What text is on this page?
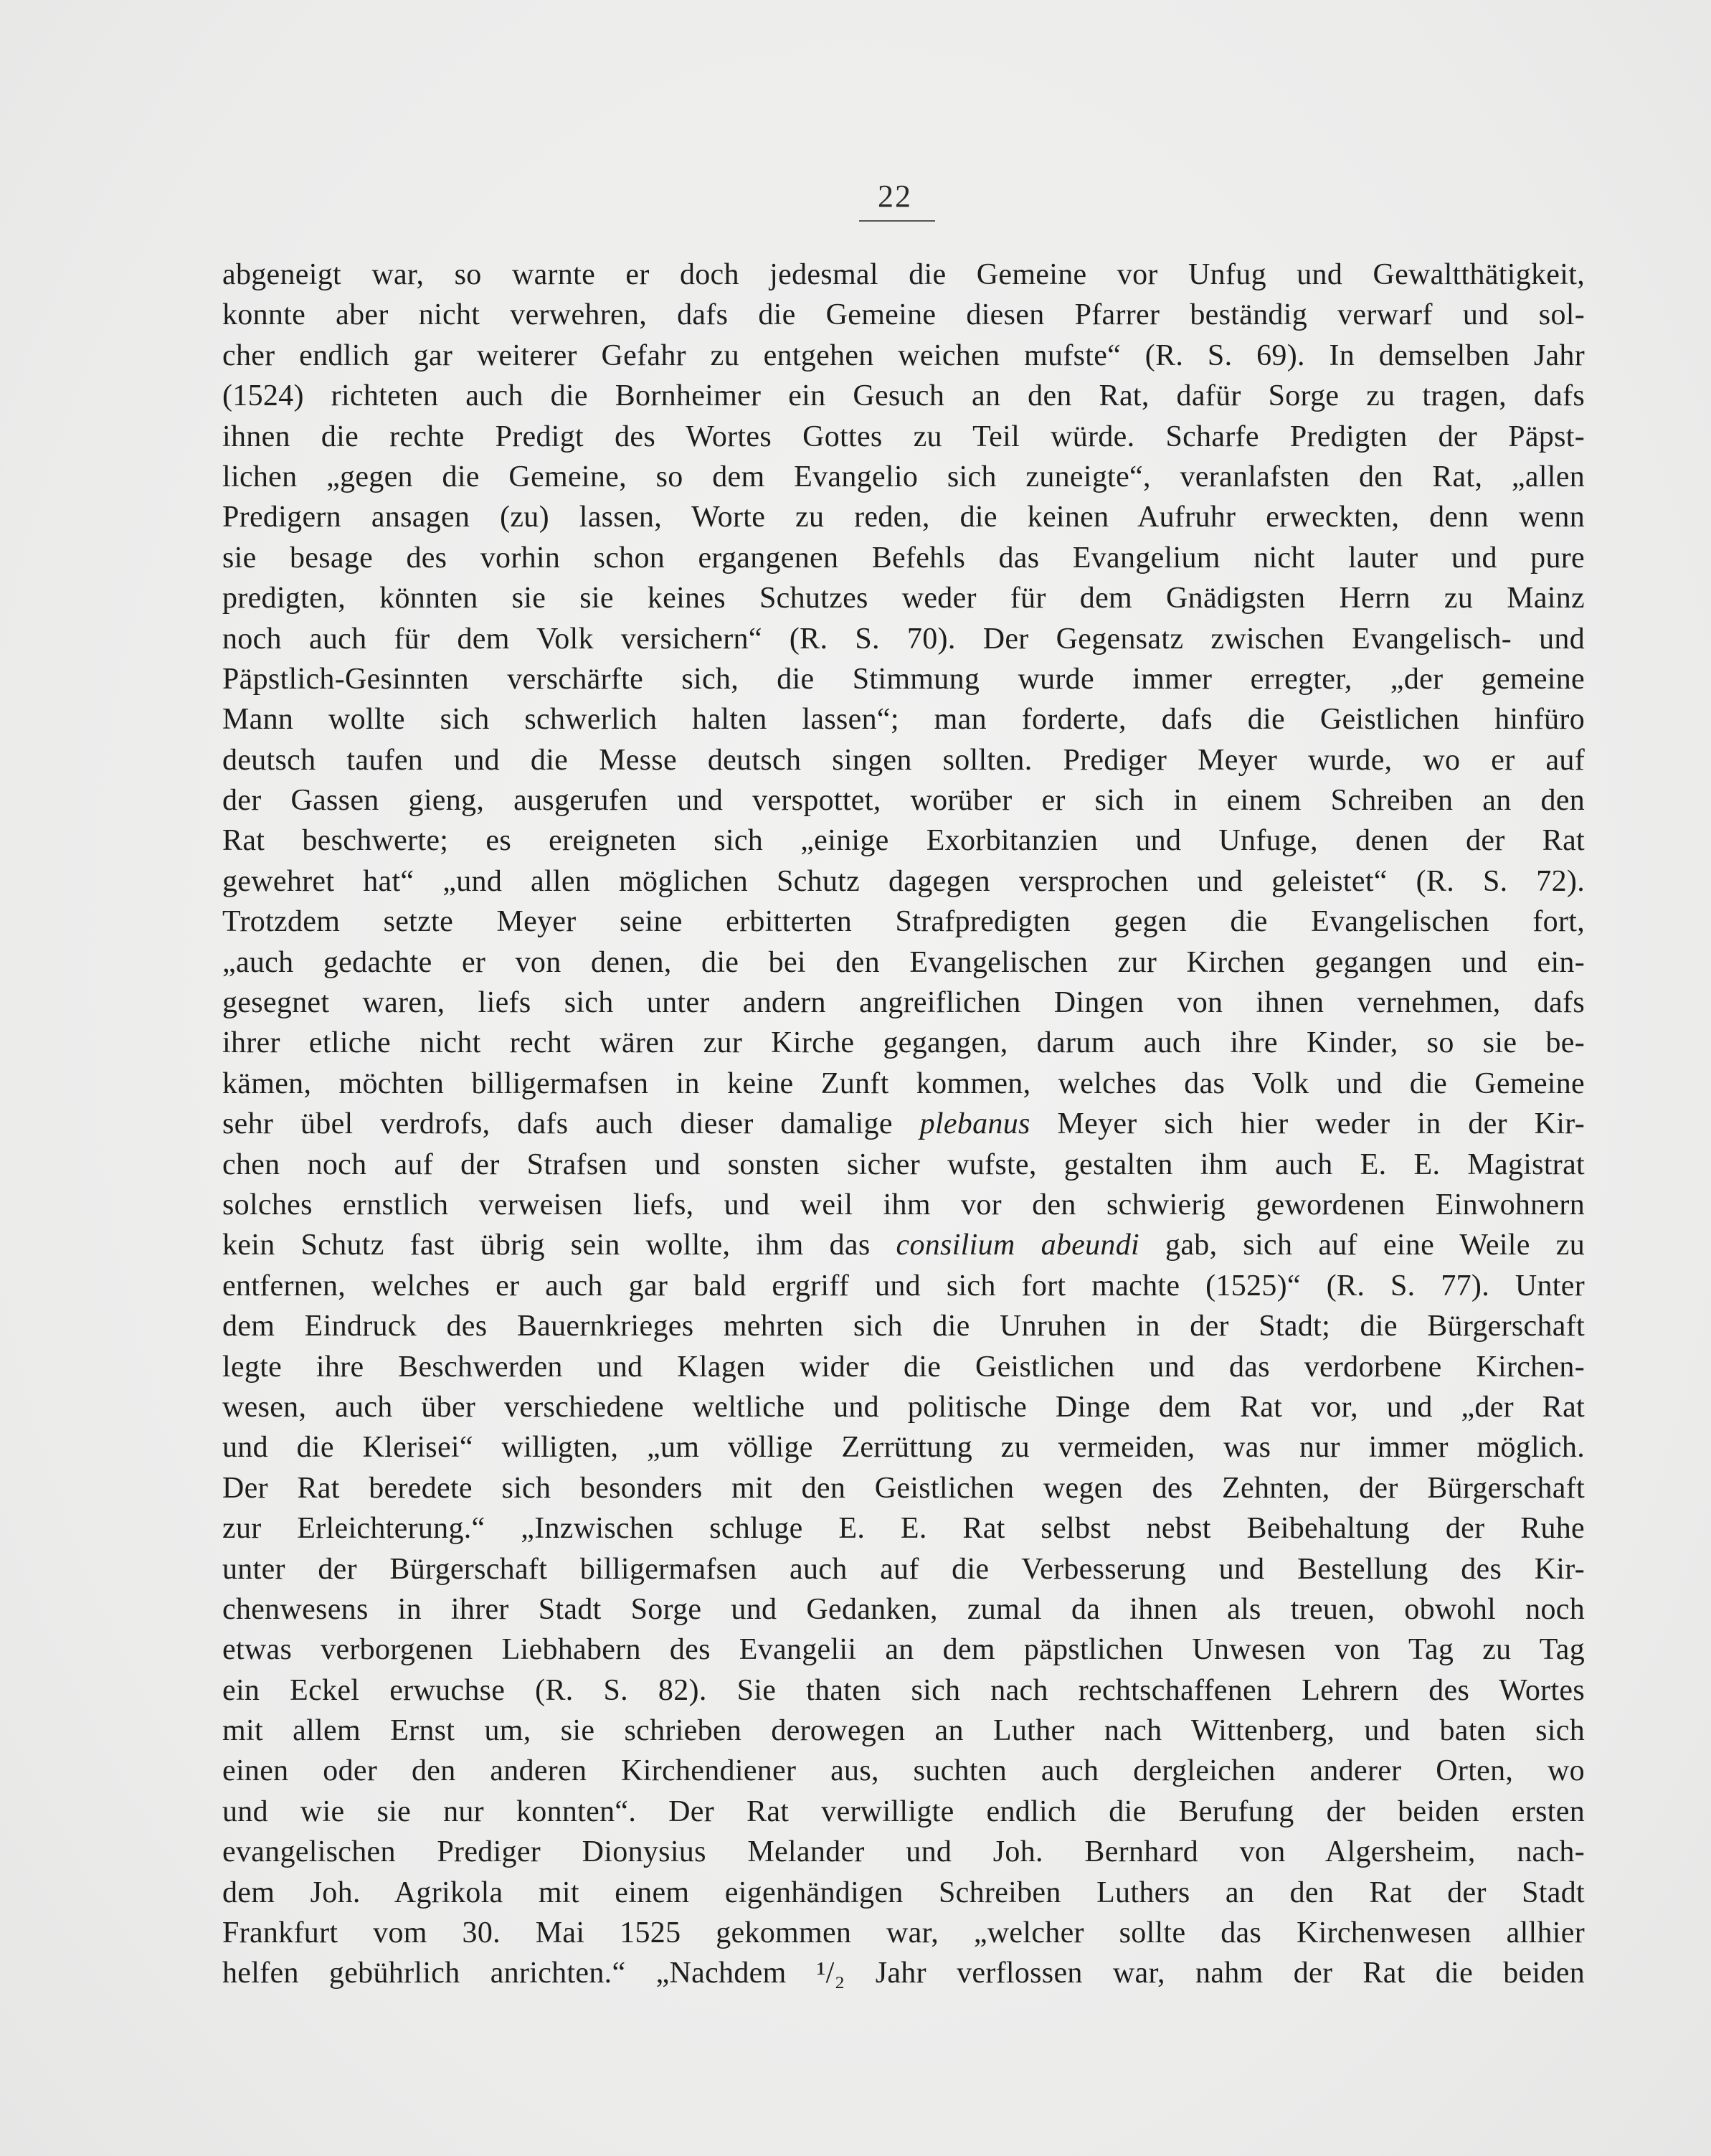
22
abgeneigt war, so warnte er doch jedesmal die Gemeine vor Unfug und Gewaltthätigkeit,
konnte aber nicht verwehren, dafs die Gemeine diesen Pfarrer beständig verwarf und sol-
cher endlich gar weiterer Gefahr zu entgehen weichen mufste“ (R. S. 69). In demselben Jahr
(1524) richteten auch die Bornheimer ein Gesuch an den Rat, dafür Sorge zu tragen, dafs
ihnen die rechte Predigt des Wortes Gottes zu Teil würde. Scharfe Predigten der Päpst-
lichen „gegen die Gemeine, so dem Evangelio sich zuneigte“, veranlafsten den Rat, „allen
Predigern ansagen (zu) lassen, Worte zu reden, die keinen Aufruhr erweckten, denn wenn
sie besage des vorhin schon ergangenen Befehls das Evangelium nicht lauter und pure
predigten, könnten sie sie keines Schutzes weder für dem Gnädigsten Herrn zu Mainz
noch auch für dem Volk versichern“ (R. S. 70). Der Gegensatz zwischen Evangelisch- und
Päpstlich-Gesinnten verschärfte sich, die Stimmung wurde immer erregter, „der gemeine
Mann wollte sich schwerlich halten lassen“; man forderte, dafs die Geistlichen hinfüro
deutsch taufen und die Messe deutsch singen sollten. Prediger Meyer wurde, wo er auf
der Gassen gieng, ausgerufen und verspottet, worüber er sich in einem Schreiben an den
Rat beschwerte; es ereigneten sich „einige Exorbitanzien und Unfuge, denen der Rat
gewehret hat“ „und allen möglichen Schutz dagegen versprochen und geleistet“ (R. S. 72).
Trotzdem setzte Meyer seine erbitterten Strafpredigten gegen die Evangelischen fort,
„auch gedachte er von denen, die bei den Evangelischen zur Kirchen gegangen und ein-
gesegnet waren, liefs sich unter andern angreiflichen Dingen von ihnen vernehmen, dafs
ihrer etliche nicht recht wären zur Kirche gegangen, darum auch ihre Kinder, so sie be-
kämen, möchten billigermafsen in keine Zunft kommen, welches das Volk und die Gemeine
sehr übel verdrofs, dafs auch dieser damalige plebanus Meyer sich hier weder in der Kir-
chen noch auf der Strafsen und sonsten sicher wufste, gestalten ihm auch E. E. Magistrat
solches ernstlich verweisen liefs, und weil ihm vor den schwierig gewordenen Einwohnern
kein Schutz fast übrig sein wollte, ihm das consilium abeundi gab, sich auf eine Weile zu
entfernen, welches er auch gar bald ergriff und sich fort machte (1525)“ (R. S. 77). Unter
dem Eindruck des Bauernkrieges mehrten sich die Unruhen in der Stadt; die Bürgerschaft
legte ihre Beschwerden und Klagen wider die Geistlichen und das verdorbene Kirchen-
wesen, auch über verschiedene weltliche und politische Dinge dem Rat vor, und „der Rat
und die Klerisei“ willigten, „um völlige Zerrüttung zu vermeiden, was nur immer möglich.
Der Rat beredete sich besonders mit den Geistlichen wegen des Zehnten, der Bürgerschaft
zur Erleichterung.“ „Inzwischen schluge E. E. Rat selbst nebst Beibehaltung der Ruhe
unter der Bürgerschaft billigermafsen auch auf die Verbesserung und Bestellung des Kir-
chenwesens in ihrer Stadt Sorge und Gedanken, zumal da ihnen als treuen, obwohl noch
etwas verborgenen Liebhabern des Evangelii an dem päpstlichen Unwesen von Tag zu Tag
ein Eckel erwuchse (R. S. 82). Sie thaten sich nach rechtschaffenen Lehrern des Wortes
mit allem Ernst um, sie schrieben derowegen an Luther nach Wittenberg, und baten sich
einen oder den anderen Kirchendiener aus, suchten auch dergleichen anderer Orten, wo
und wie sie nur konnten“. Der Rat verwilligte endlich die Berufung der beiden ersten
evangelischen Prediger Dionysius Melander und Joh. Bernhard von Algersheim, nach-
dem Joh. Agrikola mit einem eigenhändigen Schreiben Luthers an den Rat der Stadt
Frankfurt vom 30. Mai 1525 gekommen war, „welcher sollte das Kirchenwesen allhier
helfen gebührlich anrichten.“ „Nachdem ¹/₂ Jahr verflossen war, nahm der Rat die beiden
